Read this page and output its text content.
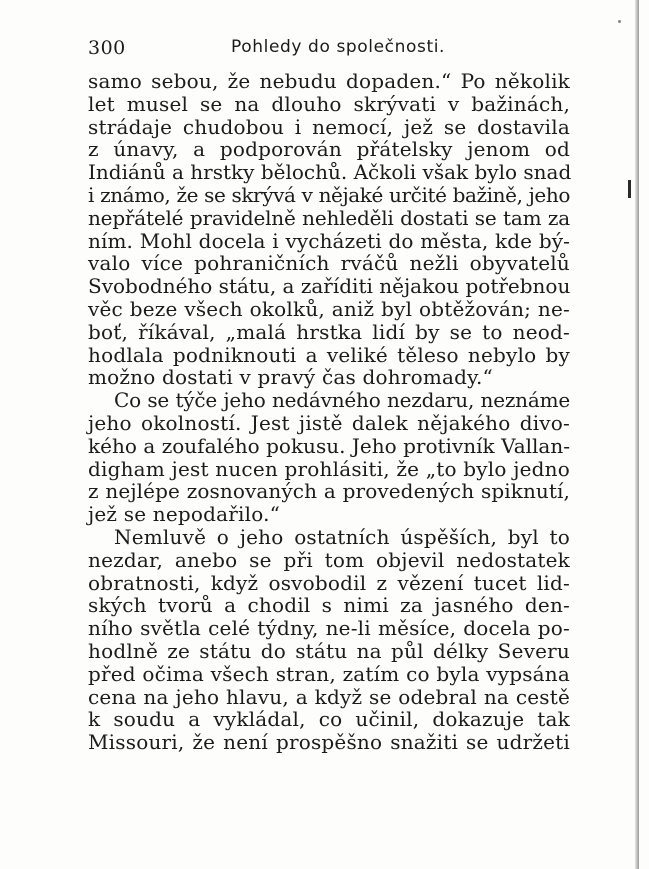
300	Pohledy do společnosti.
samo sebou, že nebudu dopaden.“ Po několik
let musel se na dlouho skrývati v bažinách,
strádaje chudobou i nemocí, jež se dostavila
z únavy, a podporován přátelsky jenom od
Indiánů a hrstky bělochů. Ačkoli však bylo snad
i známo, že se skrývá v nějaké určité bažině, jeho
nepřátelé pravidelně nehleděli dostati se tam za
ním. Mohl docela i vycházeti do města, kde bý-
valo více pohraničních rváčů nežli obyvatelů
Svobodného státu, a zaříditi nějakou potřebnou
věc beze všech okolků, aniž byl obtěžován; ne-
boť, říkával, „malá hrstka lidí by se to neod-
hodlala podniknouti a veliké těleso nebylo by
možno dostati v pravý čas dohromady.“
Co se týče jeho nedávného nezdaru, neznáme
jeho okolností. Jest jistě dalek nějakého divo-
kého a zoufalého pokusu. Jeho protivník Vallan-
digham jest nucen prohlásiti, že „to bylo jedno
z nejlépe zosnovaných a provedených spiknutí,
jež se nepodařilo.“
Nemluvě o jeho ostatních úspěších, byl to
nezdar, anebo se při tom objevil nedostatek
obratnosti, když osvobodil z vězení tucet lid-
ských tvorů a chodil s nimi za jasného den-
ního světla celé týdny, ne-li měsíce, docela po-
hodlně ze státu do státu na půl délky Severu
před očima všech stran, zatím co byla vypsána
cena na jeho hlavu, a když se odebral na cestě
k soudu a vykládal, co učinil, dokazuje tak
Missouri, že není prospěšno snažiti se udržeti
